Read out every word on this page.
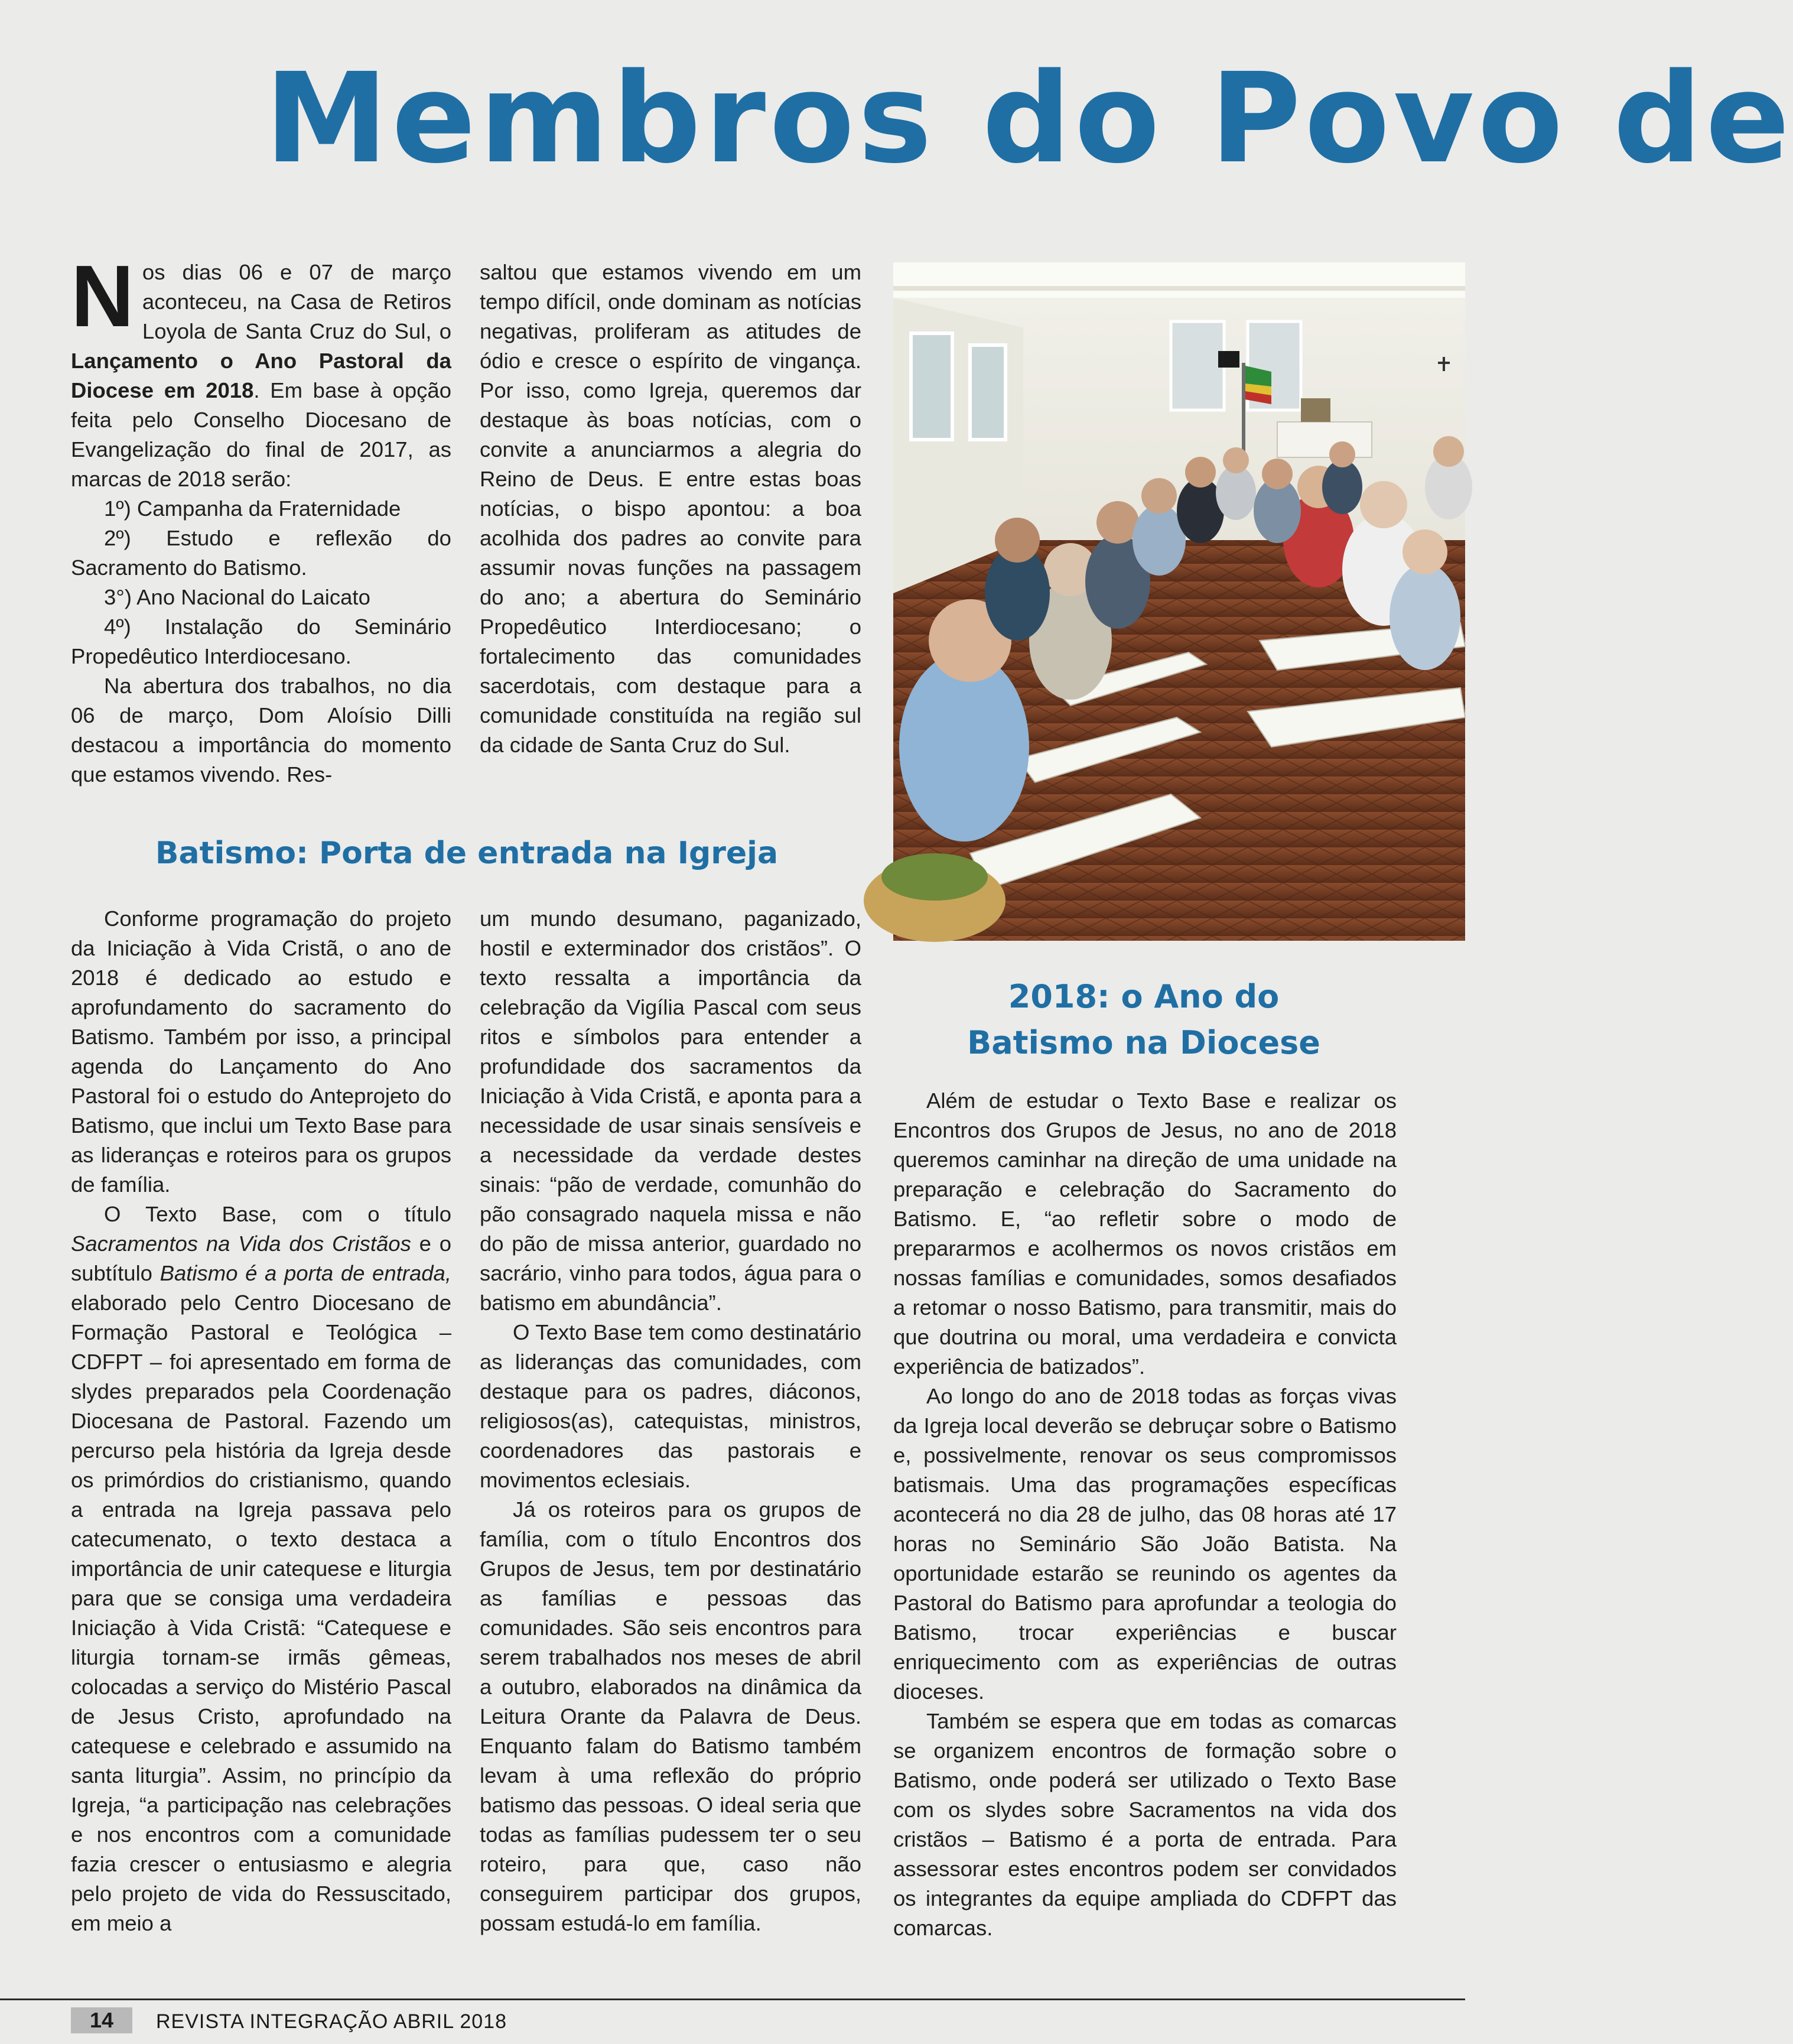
Membros do Povo de

Nos dias 06 e 07 de março aconteceu, na Casa de Retiros Loyola de Santa Cruz do Sul, o Lançamento o Ano Pastoral da Diocese em 2018. Em base à opção feita pelo Conselho Diocesano de Evangelização do final de 2017, as marcas de 2018 serão:

1º) Campanha da Fraternidade

2º) Estudo e reflexão do Sacramento do Batismo.

3°) Ano Nacional do Laicato

4º) Instalação do Seminário Propedêutico Interdiocesano.

Na abertura dos trabalhos, no dia 06 de março, Dom Aloísio Dilli destacou a importância do momento que estamos vivendo. Res-

saltou que estamos vivendo em um tempo difícil, onde dominam as notícias negativas, proliferam as atitudes de ódio e cresce o espírito de vingança. Por isso, como Igreja, queremos dar destaque às boas notícias, com o convite a anunciarmos a alegria do Reino de Deus. E entre estas boas notícias, o bispo apontou: a boa acolhida dos padres ao convite para assumir novas funções na passagem do ano; a abertura do Seminário Propedêutico Interdiocesano; o fortalecimento das comunidades sacerdotais, com destaque para a comunidade constituída na região sul da cidade de Santa Cruz do Sul.

Batismo: Porta de entrada na Igreja

Conforme programação do projeto da Iniciação à Vida Cristã, o ano de 2018 é dedicado ao estudo e aprofundamento do sacramento do Batismo. Também por isso, a principal agenda do Lançamento do Ano Pastoral foi o estudo do Anteprojeto do Batismo, que inclui um Texto Base para as lideranças e roteiros para os grupos de família.

O Texto Base, com o título Sacramentos na Vida dos Cristãos e o subtítulo Batismo é a porta de entrada, elaborado pelo Centro Diocesano de Formação Pastoral e Teológica – CDFPT – foi apresentado em forma de slydes preparados pela Coordenação Diocesana de Pastoral. Fazendo um percurso pela história da Igreja desde os primórdios do cristianismo, quando a entrada na Igreja passava pelo catecumenato, o texto destaca a importância de unir catequese e liturgia para que se consiga uma verdadeira Iniciação à Vida Cristã: “Catequese e liturgia tornam-se irmãs gêmeas, colocadas a serviço do Mistério Pascal de Jesus Cristo, aprofundado na catequese e celebrado e assumido na santa liturgia”. Assim, no princípio da Igreja, “a participação nas celebrações e nos encontros com a comunidade fazia crescer o entusiasmo e alegria pelo projeto de vida do Ressuscitado, em meio a

um mundo desumano, paganizado, hostil e exterminador dos cristãos”. O texto ressalta a importância da celebração da Vigília Pascal com seus ritos e símbolos para entender a profundidade dos sacramentos da Iniciação à Vida Cristã, e aponta para a necessidade de usar sinais sensíveis e a necessidade da verdade destes sinais: “pão de verdade, comunhão do pão consagrado naquela missa e não do pão de missa anterior, guardado no sacrário, vinho para todos, água para o batismo em abundância”.

O Texto Base tem como destinatário as lideranças das comunidades, com destaque para os padres, diáconos, religiosos(as), catequistas, ministros, coordenadores das pastorais e movimentos eclesiais.

Já os roteiros para os grupos de família, com o título Encontros dos Grupos de Jesus, tem por destinatário as famílias e pessoas das comunidades. São seis encontros para serem trabalhados nos meses de abril a outubro, elaborados na dinâmica da Leitura Orante da Palavra de Deus. Enquanto falam do Batismo também levam à uma reflexão do próprio batismo das pessoas. O ideal seria que todas as famílias pudessem ter o seu roteiro, para que, caso não conseguirem participar dos grupos, possam estudá-lo em família.

2018: o Ano do
Batismo na Diocese

Além de estudar o Texto Base e realizar os Encontros dos Grupos de Jesus, no ano de 2018 queremos caminhar na direção de uma unidade na preparação e celebração do Sacramento do Batismo. E, “ao refletir sobre o modo de prepararmos e acolhermos os novos cristãos em nossas famílias e comunidades, somos desafiados a retomar o nosso Batismo, para transmitir, mais do que doutrina ou moral, uma verdadeira e convicta experiência de batizados”.

Ao longo do ano de 2018 todas as forças vivas da Igreja local deverão se debruçar sobre o Batismo e, possivelmente, renovar os seus compromissos batismais. Uma das programações específicas acontecerá no dia 28 de julho, das 08 horas até 17 horas no Seminário São João Batista. Na oportunidade estarão se reunindo os agentes da Pastoral do Batismo para aprofundar a teologia do Batismo, trocar experiências e buscar enriquecimento com as experiências de outras dioceses.

Também se espera que em todas as comarcas se organizem encontros de formação sobre o Batismo, onde poderá ser utilizado o Texto Base com os slydes sobre Sacramentos na vida dos cristãos – Batismo é a porta de entrada. Para assessorar estes encontros podem ser convidados os integrantes da equipe ampliada do CDFPT das comarcas.

14	REVISTA INTEGRAÇÃO ABRIL 2018
